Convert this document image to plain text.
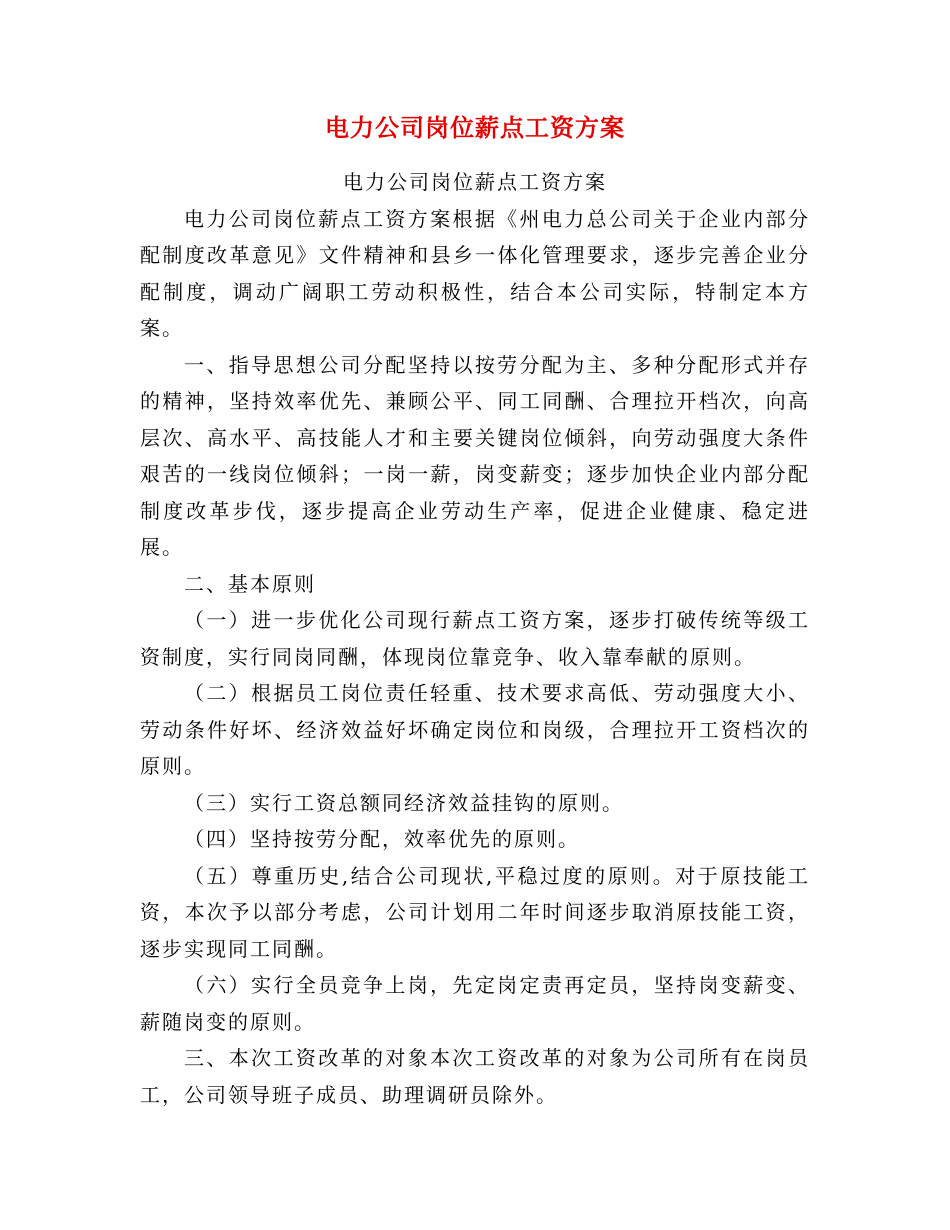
电力公司岗位薪点工资方案

电力公司岗位薪点工资方案

电力公司岗位薪点工资方案根据《州电力总公司关于企业内部分配制度改革意见》文件精神和县乡一体化管理要求，逐步完善企业分配制度，调动广阔职工劳动积极性，结合本公司实际，特制定本方案。

一、指导思想公司分配坚持以按劳分配为主、多种分配形式并存的精神，坚持效率优先、兼顾公平、同工同酬、合理拉开档次，向高层次、高水平、高技能人才和主要关键岗位倾斜，向劳动强度大条件艰苦的一线岗位倾斜；一岗一薪，岗变薪变；逐步加快企业内部分配制度改革步伐，逐步提高企业劳动生产率，促进企业健康、稳定进展。

二、基本原则

（一）进一步优化公司现行薪点工资方案，逐步打破传统等级工资制度，实行同岗同酬，体现岗位靠竞争、收入靠奉献的原则。

（二）根据员工岗位责任轻重、技术要求高低、劳动强度大小、劳动条件好坏、经济效益好坏确定岗位和岗级，合理拉开工资档次的原则。

（三）实行工资总额同经济效益挂钩的原则。

（四）坚持按劳分配，效率优先的原则。

（五）尊重历史,结合公司现状,平稳过度的原则。对于原技能工资，本次予以部分考虑，公司计划用二年时间逐步取消原技能工资，逐步实现同工同酬。

（六）实行全员竞争上岗，先定岗定责再定员，坚持岗变薪变、薪随岗变的原则。

三、本次工资改革的对象本次工资改革的对象为公司所有在岗员工，公司领导班子成员、助理调研员除外。
